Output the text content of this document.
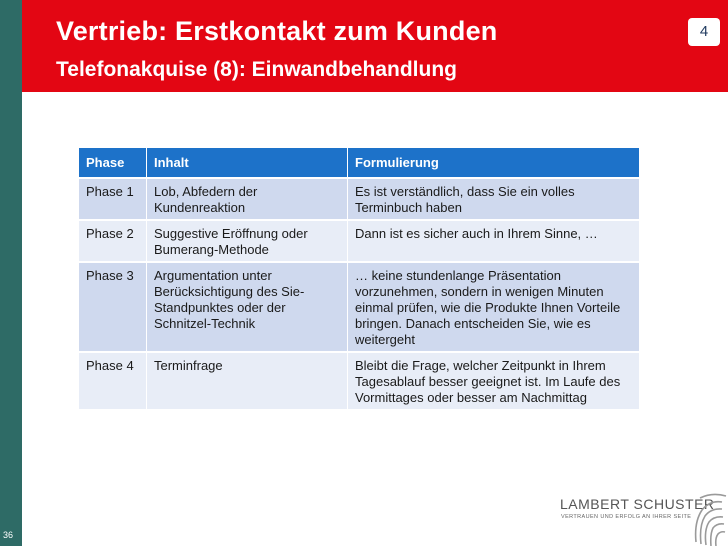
36
Vertrieb: Erstkontakt zum Kunden
Telefonakquise (8): Einwandbehandlung
4
Phase	Inhalt	Formulierung
Phase 1	Lob, Abfedern der Kundenreaktion	Es ist verständlich, dass Sie ein volles Terminbuch haben
Phase 2	Suggestive Eröffnung oder Bumerang-Methode	Dann ist es sicher auch in Ihrem Sinne, …
Phase 3	Argumentation unter Berücksichtigung des Sie-Standpunktes oder der Schnitzel-Technik	… keine stundenlange Präsentation vorzunehmen, sondern in wenigen Minuten einmal prüfen, wie die Produkte Ihnen Vorteile bringen. Danach entscheiden Sie, wie es weitergeht
Phase 4	Terminfrage	Bleibt die Frage, welcher Zeitpunkt in Ihrem Tagesablauf besser geeignet ist. Im Laufe des Vormittages oder besser am Nachmittag
LAMBERT SCHUSTER
VERTRAUEN UND ERFOLG AN IHRER SEITE
